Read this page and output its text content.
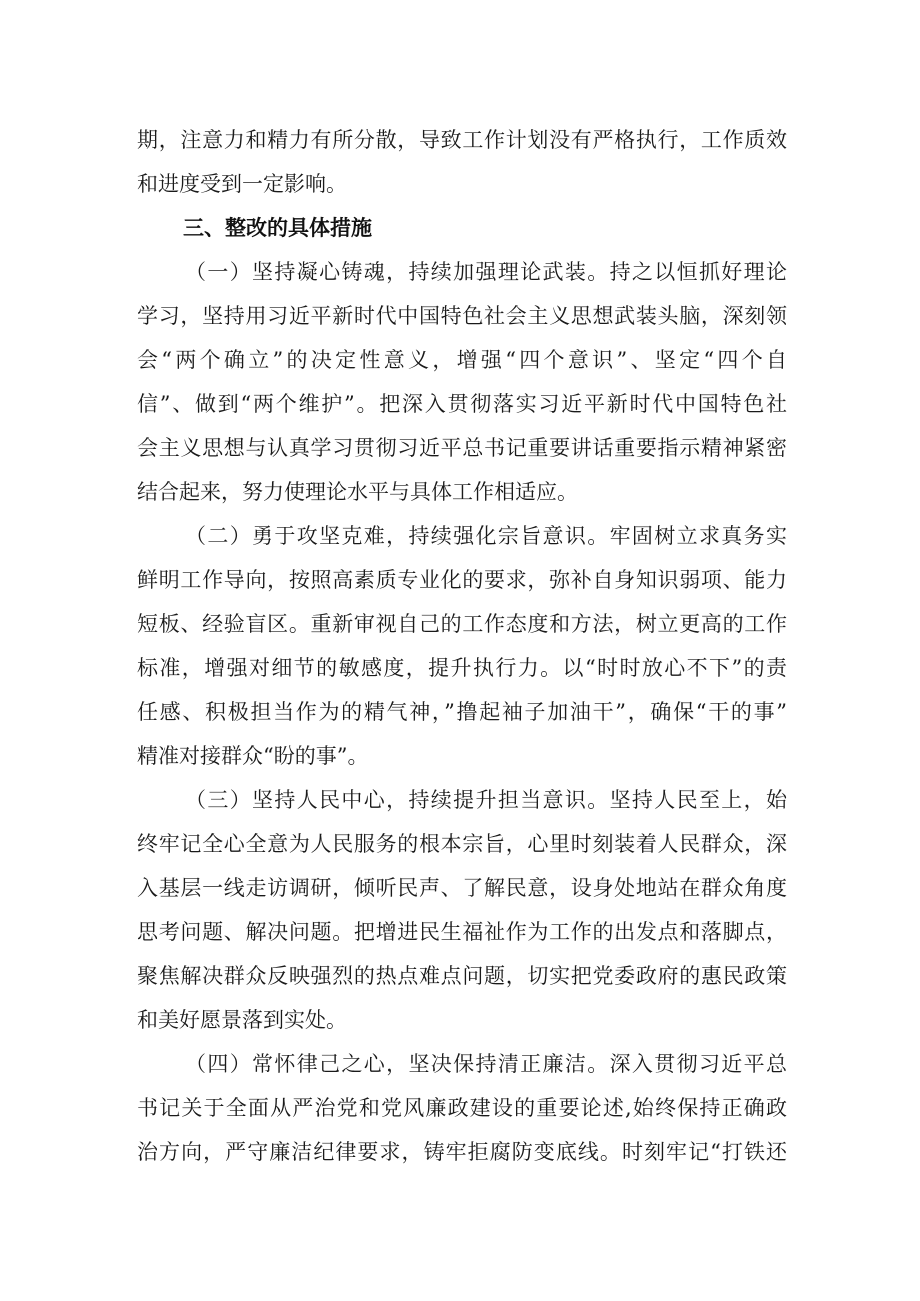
期，注意力和精力有所分散，导致工作计划没有严格执行，工作质效
和进度受到一定影响。
三、整改的具体措施
（一）坚持凝心铸魂，持续加强理论武装。持之以恒抓好理论
学习，坚持用习近平新时代中国特色社会主义思想武装头脑，深刻领
会“两个确立”的决定性意义，增强“四个意识”、坚定“四个自
信”、做到“两个维护”。把深入贯彻落实习近平新时代中国特色社
会主义思想与认真学习贯彻习近平总书记重要讲话重要指示精神紧密
结合起来，努力使理论水平与具体工作相适应。
（二）勇于攻坚克难，持续强化宗旨意识。牢固树立求真务实
鲜明工作导向，按照高素质专业化的要求，弥补自身知识弱项、能力
短板、经验盲区。重新审视自己的工作态度和方法，树立更高的工作
标准，增强对细节的敏感度，提升执行力。以“时时放心不下”的责
任感、积极担当作为的精气神，”撸起袖子加油干”，确保“干的事”
精准对接群众“盼的事”。
（三）坚持人民中心，持续提升担当意识。坚持人民至上，始
终牢记全心全意为人民服务的根本宗旨，心里时刻装着人民群众，深
入基层一线走访调研，倾听民声、了解民意，设身处地站在群众角度
思考问题、解决问题。把增进民生福祉作为工作的出发点和落脚点，
聚焦解决群众反映强烈的热点难点问题，切实把党委政府的惠民政策
和美好愿景落到实处。
（四）常怀律己之心，坚决保持清正廉洁。深入贯彻习近平总
书记关于全面从严治党和党风廉政建设的重要论述,始终保持正确政
治方向，严守廉洁纪律要求，铸牢拒腐防变底线。时刻牢记“打铁还
